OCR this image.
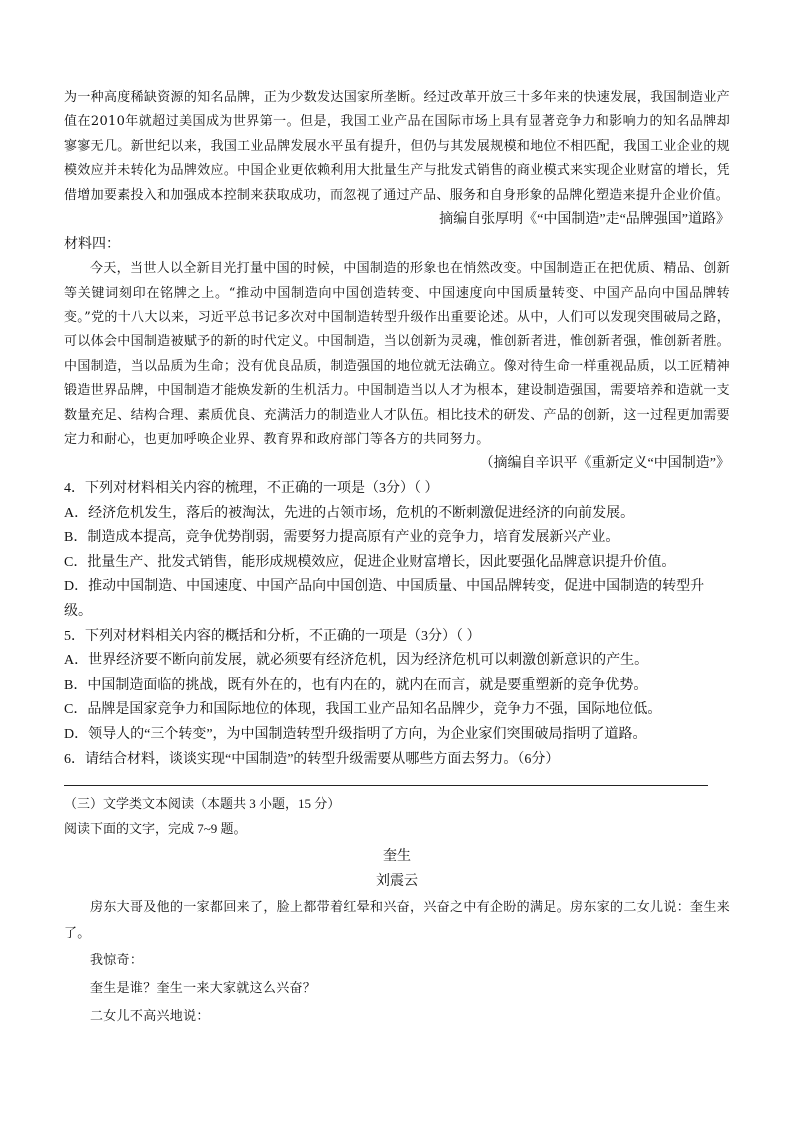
为一种高度稀缺资源的知名品牌，正为少数发达国家所垄断。经过改革开放三十多年来的快速发展，我国制造业产值在2010年就超过美国成为世界第一。但是，我国工业产品在国际市场上具有显著竞争力和影响力的知名品牌却寥寥无几。新世纪以来，我国工业品牌发展水平虽有提升，但仍与其发展规模和地位不相匹配，我国工业企业的规模效应并未转化为品牌效应。中国企业更依赖利用大批量生产与批发式销售的商业模式来实现企业财富的增长，凭借增加要素投入和加强成本控制来获取成功，而忽视了通过产品、服务和自身形象的品牌化塑造来提升企业价值。

摘编自张厚明《“中国制造”走“品牌强国”道路》

材料四：

今天，当世人以全新目光打量中国的时候，中国制造的形象也在悄然改变。中国制造正在把优质、精品、创新等关键词刻印在铭牌之上。“推动中国制造向中国创造转变、中国速度向中国质量转变、中国产品向中国品牌转变。”党的十八大以来，习近平总书记多次对中国制造转型升级作出重要论述。从中，人们可以发现突围破局之路，可以体会中国制造被赋予的新的时代定义。中国制造，当以创新为灵魂，惟创新者进，惟创新者强，惟创新者胜。中国制造，当以品质为生命；没有优良品质，制造强国的地位就无法确立。像对待生命一样重视品质，以工匠精神锻造世界品牌，中国制造才能焕发新的生机活力。中国制造当以人才为根本，建设制造强国，需要培养和造就一支数量充足、结构合理、素质优良、充满活力的制造业人才队伍。相比技术的研发、产品的创新，这一过程更加需要定力和耐心，也更加呼唤企业界、教育界和政府部门等各方的共同努力。

（摘编自辛识平《重新定义“中国制造”》

4．下列对材料相关内容的梳理，不正确的一项是（3分）（ ）

A．经济危机发生，落后的被淘汰，先进的占领市场，危机的不断刺激促进经济的向前发展。

B．制造成本提高，竞争优势削弱，需要努力提高原有产业的竞争力，培育发展新兴产业。

C．批量生产、批发式销售，能形成规模效应，促进企业财富增长，因此要强化品牌意识提升价值。

D．推动中国制造、中国速度、中国产品向中国创造、中国质量、中国品牌转变，促进中国制造的转型升级。

5．下列对材料相关内容的概括和分析，不正确的一项是（3分）（ ）

A．世界经济要不断向前发展，就必须要有经济危机，因为经济危机可以刺激创新意识的产生。

B．中国制造面临的挑战，既有外在的，也有内在的，就内在而言，就是要重塑新的竞争优势。

C．品牌是国家竞争力和国际地位的体现，我国工业产品知名品牌少，竞争力不强，国际地位低。

D．领导人的“三个转变”，为中国制造转型升级指明了方向，为企业家们突围破局指明了道路。

6．请结合材料，谈谈实现“中国制造”的转型升级需要从哪些方面去努力。（6分）

（三）文学类文本阅读（本题共 3 小题，15 分）

阅读下面的文字，完成 7~9 题。

奎生

刘震云

房东大哥及他的一家都回来了，脸上都带着红晕和兴奋，兴奋之中有企盼的满足。房东家的二女儿说：奎生来了。

我惊奇：

奎生是谁？奎生一来大家就这么兴奋？

二女儿不高兴地说：
